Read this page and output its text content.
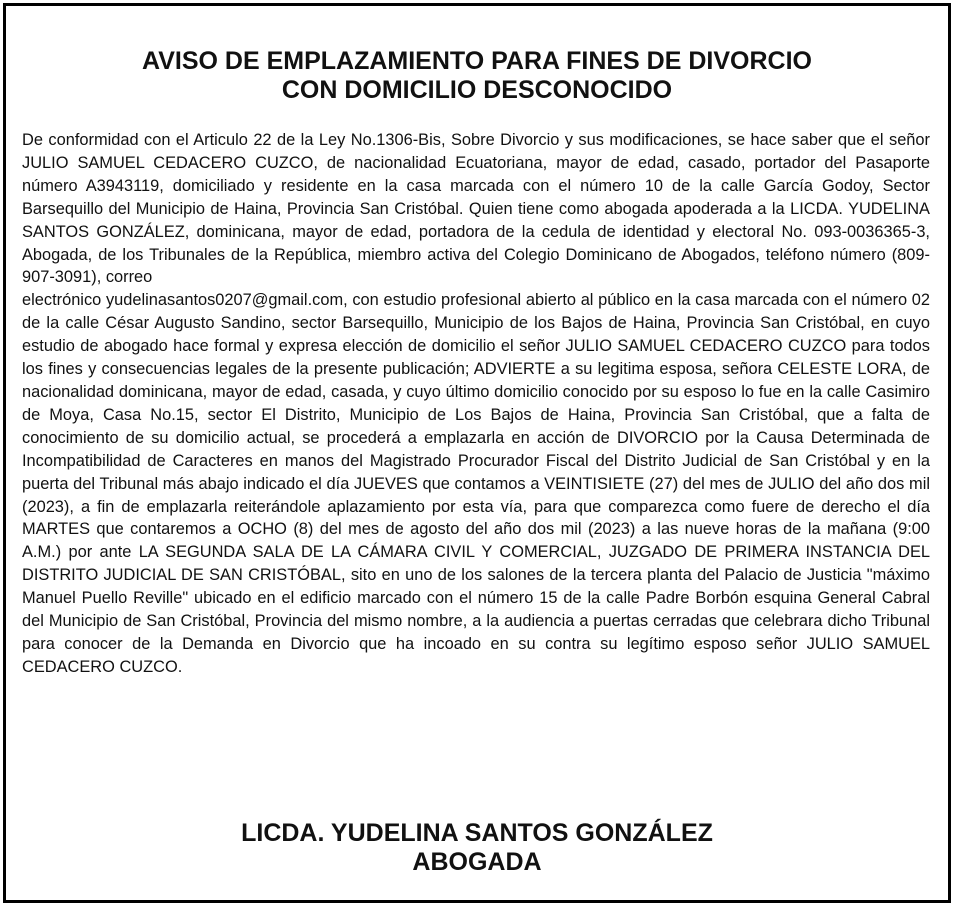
AVISO DE EMPLAZAMIENTO PARA FINES DE DIVORCIO
CON DOMICILIO DESCONOCIDO
De conformidad con el Articulo 22 de la Ley No.1306-Bis, Sobre Divorcio y sus modificaciones, se hace saber que el señor JULIO SAMUEL CEDACERO CUZCO, de nacionalidad Ecuatoriana, mayor de edad, casado, portador del Pasaporte número A3943119, domiciliado y residente en la casa marcada con el número 10 de la calle García Godoy, Sector Barsequillo del Municipio de Haina, Provincia San Cristóbal. Quien tiene como abogada apoderada a la LICDA. YUDELINA SANTOS GONZÁLEZ, dominicana, mayor de edad, portadora de la cedula de identidad y electoral No. 093-0036365-3, Abogada, de los Tribunales de la República, miembro activa del Colegio Dominicano de Abogados, teléfono número (809-907-3091), correo
electrónico yudelinasantos0207@gmail.com, con estudio profesional abierto al público en la casa marcada con el número 02 de la calle César Augusto Sandino, sector Barsequillo, Municipio de los Bajos de Haina, Provincia San Cristóbal, en cuyo estudio de abogado hace formal y expresa elección de domicilio el señor JULIO SAMUEL CEDACERO CUZCO para todos los fines y consecuencias legales de la presente publicación; ADVIERTE a su legitima esposa, señora CELESTE LORA, de nacionalidad dominicana, mayor de edad, casada, y cuyo último domicilio conocido por su esposo lo fue en la calle Casimiro de Moya, Casa No.15, sector El Distrito, Municipio de Los Bajos de Haina, Provincia San Cristóbal, que a falta de conocimiento de su domicilio actual, se procederá a emplazarla en acción de DIVORCIO por la Causa Determinada de Incompatibilidad de Caracteres en manos del Magistrado Procurador Fiscal del Distrito Judicial de San Cristóbal y en la puerta del Tribunal más abajo indicado el día JUEVES que contamos a VEINTISIETE (27) del mes de JULIO del año dos mil (2023), a fin de emplazarla reiterándole aplazamiento por esta vía, para que comparezca como fuere de derecho el día MARTES que contaremos a OCHO (8) del mes de agosto del año dos mil (2023) a las nueve horas de la mañana (9:00 A.M.) por ante LA SEGUNDA SALA DE LA CÁMARA CIVIL Y COMERCIAL, JUZGADO DE PRIMERA INSTANCIA DEL DISTRITO JUDICIAL DE SAN CRISTÓBAL, sito en uno de los salones de la tercera planta del Palacio de Justicia "máximo Manuel Puello Reville" ubicado en el edificio marcado con el número 15 de la calle Padre Borbón esquina General Cabral del Municipio de San Cristóbal, Provincia del mismo nombre, a la audiencia a puertas cerradas que celebrara dicho Tribunal para conocer de la Demanda en Divorcio que ha incoado en su contra su legítimo esposo señor JULIO SAMUEL CEDACERO CUZCO.
LICDA. YUDELINA SANTOS GONZÁLEZ
ABOGADA
